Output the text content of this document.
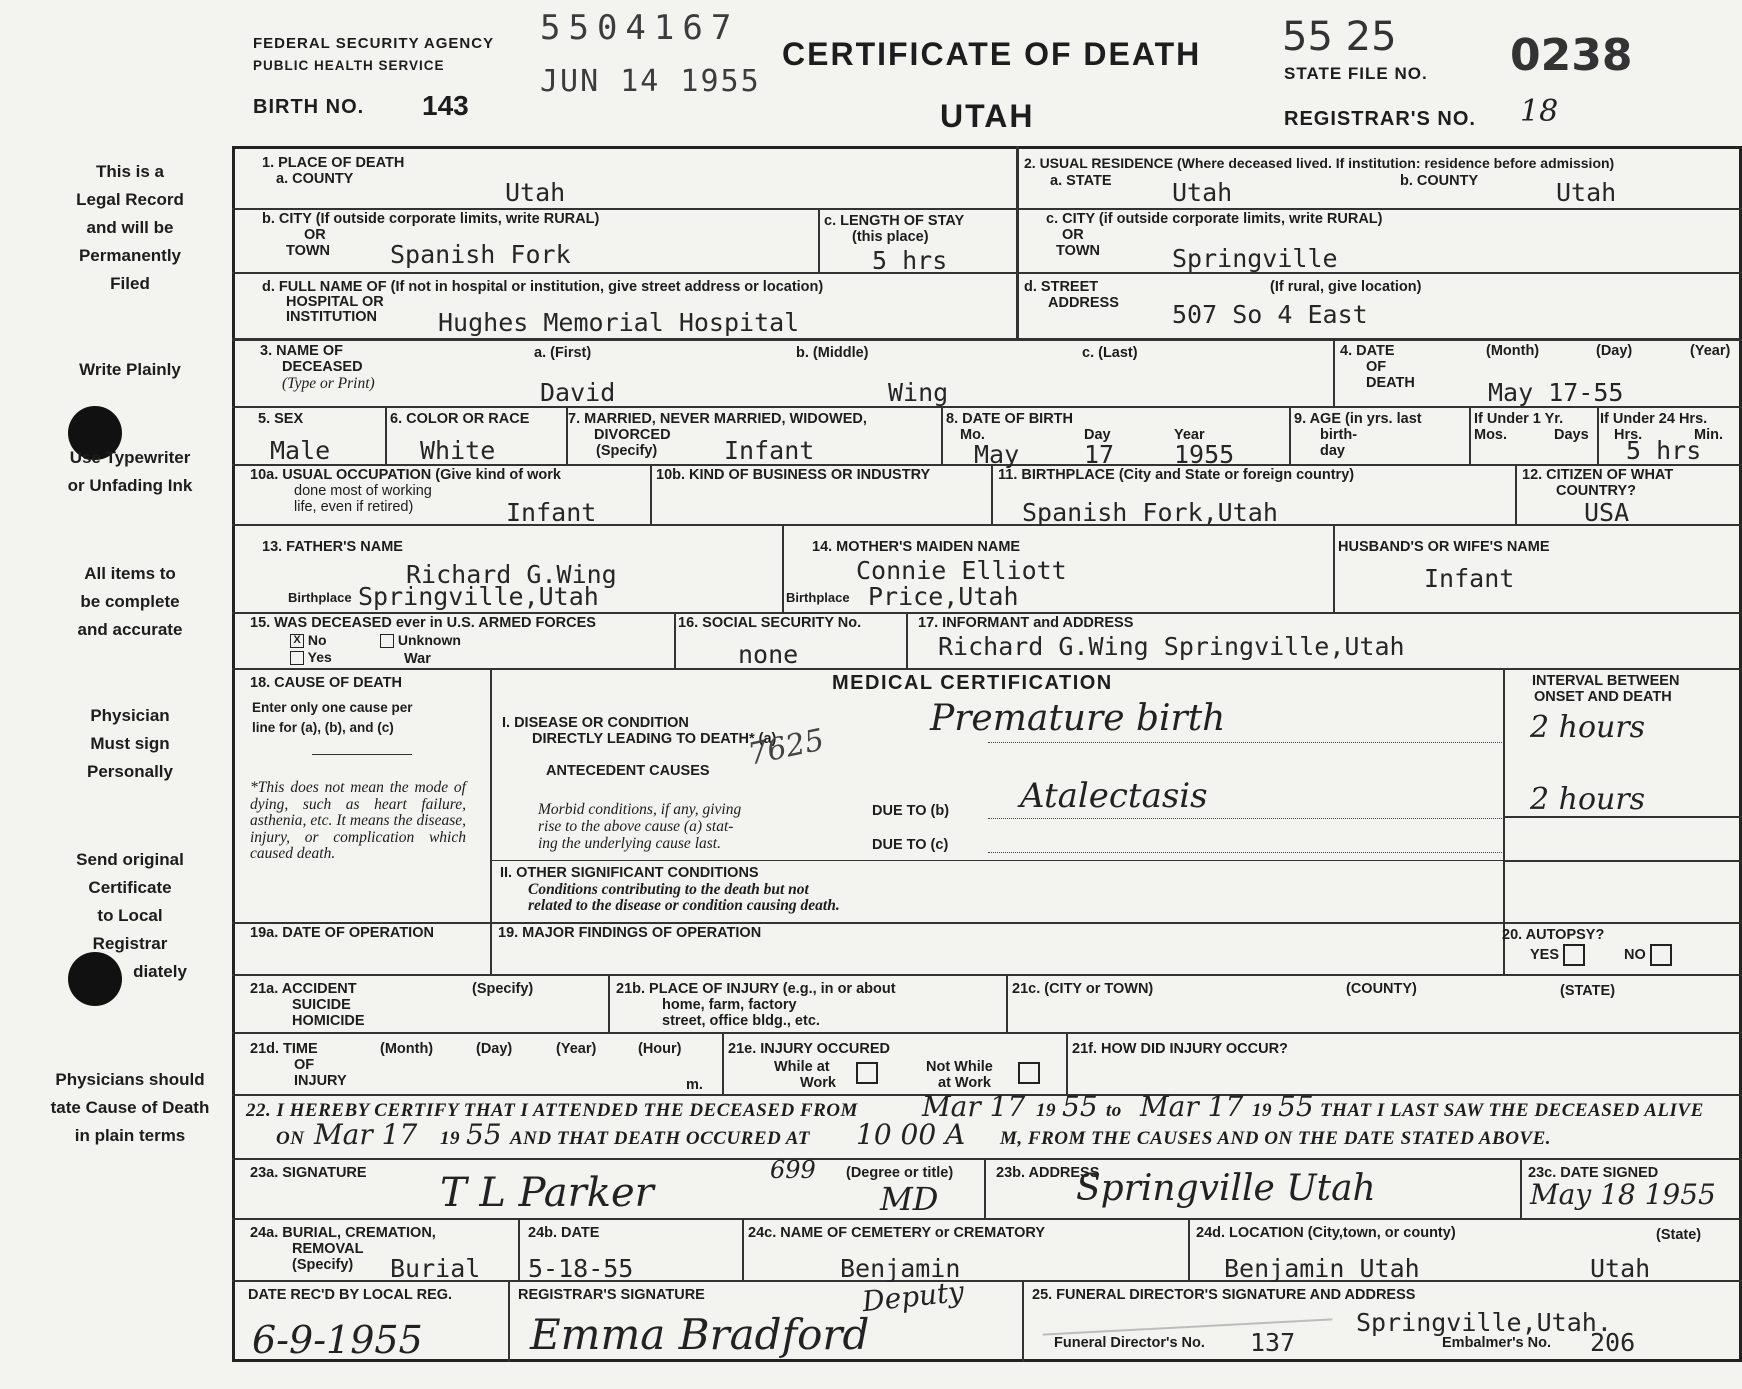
FEDERAL SECURITY AGENCY
PUBLIC HEALTH SERVICE
5504167
JUN 14 1955
CERTIFICATE OF DEATH
UTAH
BIRTH NO. 143
55 25
STATE FILE NO. 0238
REGISTRAR'S NO. 18
This is a
Legal Record
and will be
Permanently
Filed
Write Plainly
Use Typewriter
or Unfading Ink
All items to
be complete
and accurate
Physician
Must sign
Personally
Send original
Certificate
to Local
Registrar
diately
Physicians should
tate Cause of Death
in plain terms
1. PLACE OF DEATH
a. COUNTY	Utah
2. USUAL RESIDENCE (Where deceased lived. If institution: residence before admission)
a. STATE Utah	b. COUNTY	Utah
b. CITY (If outside corporate limits, write RURAL)
OR
TOWN Spanish Fork
c. LENGTH OF STAY
(this place)
5 hrs
c. CITY (if outside corporate limits, write RURAL)
OR
TOWN	Springville
d. FULL NAME OF (If not in hospital or institution, give street address or location)
HOSPITAL OR
INSTITUTION Hughes Memorial Hospital
d. STREET	(If rural, give location)
ADDRESS 507 So 4 East
3. NAME OF
DECEASED
(Type or Print)
a. (First)	b. (Middle)	c. (Last)
David	Wing
4. DATE
OF
DEATH
(Month)	(Day)	(Year)
May 17-55
5. SEX
Male
6. COLOR OR RACE
White
7. MARRIED, NEVER MARRIED, WIDOWED,
DIVORCED
(Specify)	Infant
8. DATE OF BIRTH
Mo.	Day	Year
May	17 1955
9. AGE (in yrs. last
birth-
day
If Under 1 Yr.
Mos.	Days
If Under 24 Hrs.
Hrs.	Min.
5 hrs
10a. USUAL OCCUPATION (Give kind of work
done most of working
life, even if retired)	Infant
10b. KIND OF BUSINESS OR INDUSTRY	11. BIRTHPLACE (City and State or foreign country)
Spanish Fork,Utah
12. CITIZEN OF WHAT
COUNTRY?
USA
13. FATHER'S NAME
Richard G.Wing
Birthplace Springville,Utah
14. MOTHER'S MAIDEN NAME
Connie Elliott
Birthplace Price,Utah
HUSBAND'S OR WIFE'S NAME
Infant
15. WAS DECEASED ever in U.S. ARMED FORCES
X No	Unknown
Yes	War
16. SOCIAL SECURITY No.
none
17. INFORMANT and ADDRESS
Richard G.Wing Springville,Utah
18. CAUSE OF DEATH
Enter only one cause per
line for (a), (b), and (c)
*This does not mean the mode of dying, such as heart failure, asthenia, etc. It means the disease, injury, or complication which caused death.
MEDICAL CERTIFICATION	INTERVAL BETWEEN
ONSET AND DEATH
I. DISEASE OR CONDITION
DIRECTLY LEADING TO DEATH* (a)	Premature birth
7625	2 hours
ANTECEDENT CAUSES
Morbid conditions, if any, giving
rise to the above cause (a) stat-
ing the underlying cause last.
DUE TO (b) Atalectasis	2 hours
DUE TO (c)
II. OTHER SIGNIFICANT CONDITIONS
Conditions contributing to the death but not
related to the disease or condition causing death.
19a. DATE OF OPERATION	19. MAJOR FINDINGS OF OPERATION	20. AUTOPSY?
YES	NO
21a. ACCIDENT
SUICIDE
HOMICIDE
(Specify)	21b. PLACE OF INJURY (e.g., in or about
home, farm, factory
street, office bldg., etc.
21c. (CITY or TOWN)	(COUNTY)	(STATE)
21d. TIME
OF
INJURY
(Month)	(Day)	(Year)	(Hour)
m.
21e. INJURY OCCURED
While at
Work
Not While
at Work
21f. HOW DID INJURY OCCUR?
22. I HEREBY CERTIFY THAT I ATTENDED THE DECEASED FROM Mar 17 19 55 to Mar 17 19 55 THAT I LAST SAW THE DECEASED ALIVE
ON Mar 17 19 55 AND THAT DEATH OCCURED AT 10 00 A M, FROM THE CAUSES AND ON THE DATE STATED ABOVE.
23a. SIGNATURE T L Parker	699 (Degree or title)
MD
23b. ADDRESS
Springville Utah	23c. DATE SIGNED
May 18 1955
24a. BURIAL, CREMATION,
REMOVAL
(Specify) Burial
24b. DATE
5-18-55
24c. NAME OF CEMETERY or CREMATORY
Benjamin
24d. LOCATION (City,town, or county)	(State)
Benjamin Utah	Utah
DATE REC'D BY LOCAL REG.
6-9-1955
REGISTRAR'S SIGNATURE
Emma Bradford
Deputy	25. FUNERAL DIRECTOR'S SIGNATURE AND ADDRESS
Springville,Utah.
Funeral Director's No. 137	Embalmer's No. 206
